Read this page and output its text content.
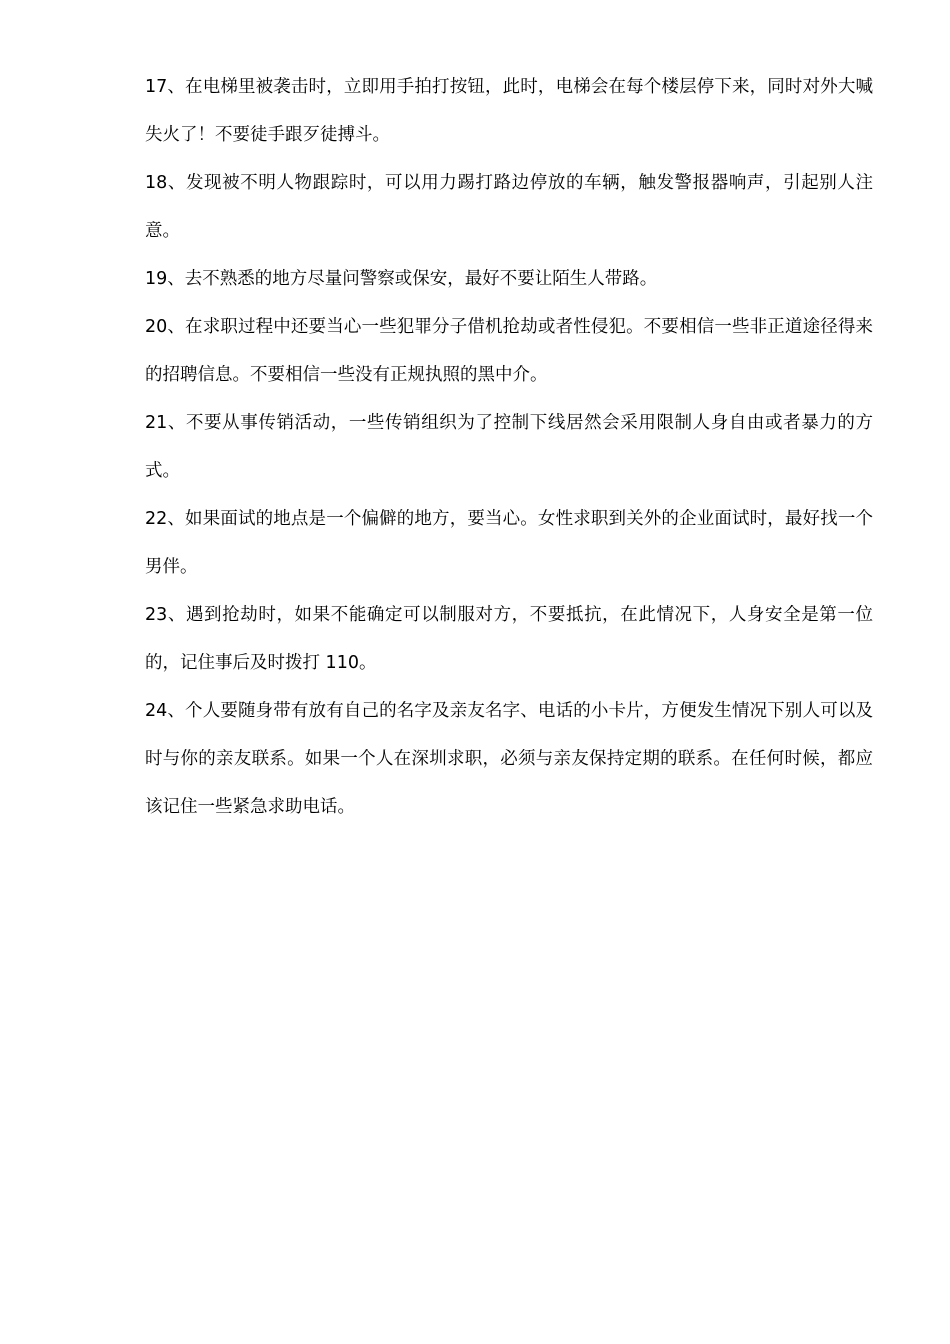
17、在电梯里被袭击时，立即用手拍打按钮，此时，电梯会在每个楼层停下来，同时对外大喊失火了！不要徒手跟歹徒搏斗。

18、发现被不明人物跟踪时，可以用力踢打路边停放的车辆，触发警报器响声，引起别人注意。

19、去不熟悉的地方尽量问警察或保安，最好不要让陌生人带路。

20、在求职过程中还要当心一些犯罪分子借机抢劫或者性侵犯。不要相信一些非正道途径得来的招聘信息。不要相信一些没有正规执照的黑中介。

21、不要从事传销活动，一些传销组织为了控制下线居然会采用限制人身自由或者暴力的方式。

22、如果面试的地点是一个偏僻的地方，要当心。女性求职到关外的企业面试时，最好找一个男伴。

23、遇到抢劫时，如果不能确定可以制服对方，不要抵抗，在此情况下，人身安全是第一位的，记住事后及时拨打 110。

24、个人要随身带有放有自己的名字及亲友名字、电话的小卡片，方便发生情况下别人可以及时与你的亲友联系。如果一个人在深圳求职，必须与亲友保持定期的联系。在任何时候，都应该记住一些紧急求助电话。
